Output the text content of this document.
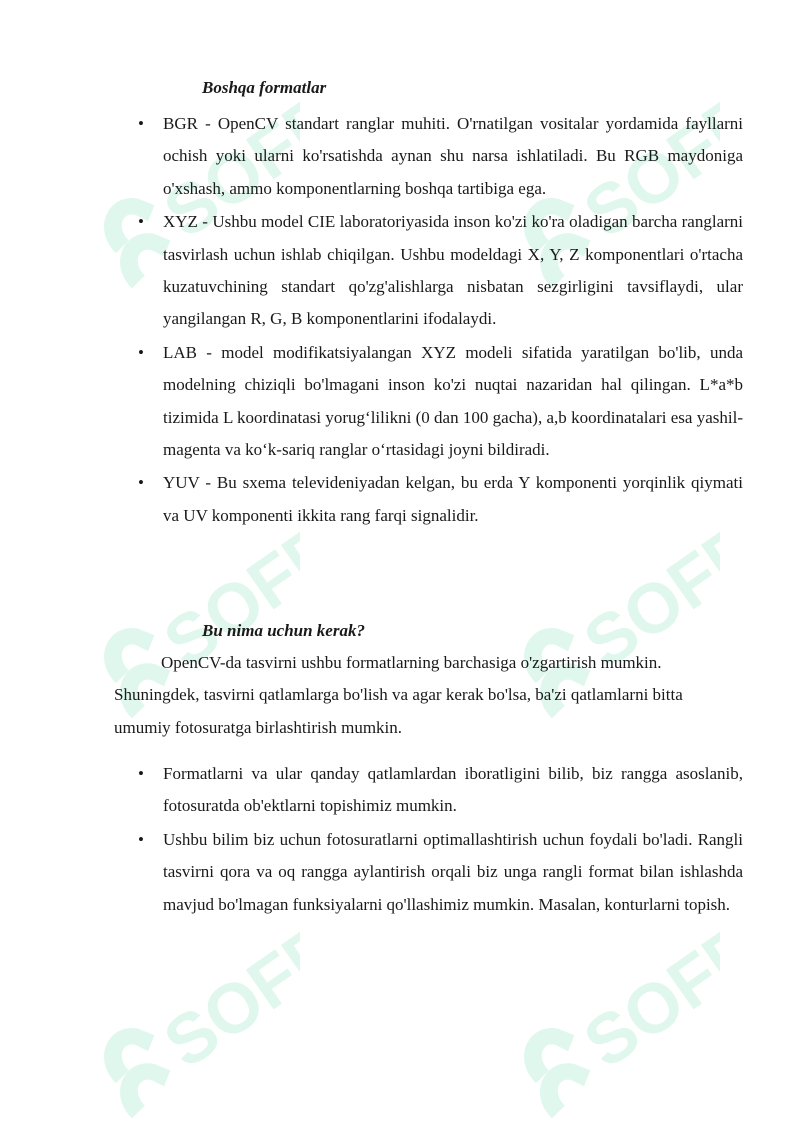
Boshqa formatlar
• BGR - OpenCV standart ranglar muhiti. O'rnatilgan vositalar yordamida fayllarni ochish yoki ularni ko'rsatishda aynan shu narsa ishlatiladi. Bu RGB maydoniga o'xshash, ammo komponentlarning boshqa tartibiga ega.
• XYZ - Ushbu model CIE laboratoriyasida inson ko'zi ko'ra oladigan barcha ranglarni tasvirlash uchun ishlab chiqilgan. Ushbu modeldagi X, Y, Z komponentlari o'rtacha kuzatuvchining standart qo'zg'alishlarga nisbatan sezgirligini tavsiflaydi, ular yangilangan R, G, B komponentlarini ifodalaydi.
• LAB - model modifikatsiyalangan XYZ modeli sifatida yaratilgan bo'lib, unda modelning chiziqli bo'lmagani inson ko'zi nuqtai nazaridan hal qilingan. L*a*b tizimida L koordinatasi yorug‘lilikni (0 dan 100 gacha), a,b koordinatalari esa yashil-magenta va ko‘k-sariq ranglar o‘rtasidagi joyni bildiradi.
• YUV - Bu sxema televideniyadan kelgan, bu erda Y komponenti yorqinlik qiymati va UV komponenti ikkita rang farqi signalidir.
Bu nima uchun kerak?
OpenCV-da tasvirni ushbu formatlarning barchasiga o'zgartirish mumkin. Shuningdek, tasvirni qatlamlarga bo'lish va agar kerak bo'lsa, ba'zi qatlamlarni bitta umumiy fotosuratga birlashtirish mumkin.
• Formatlarni va ular qanday qatlamlardan iboratligini bilib, biz rangga asoslanib, fotosuratda ob'ektlarni topishimiz mumkin.
• Ushbu bilim biz uchun fotosuratlarni optimallashtirish uchun foydali bo'ladi. Rangli tasvirni qora va oq rangga aylantirish orqali biz unga rangli format bilan ishlashda mavjud bo'lmagan funksiyalarni qo'llashimiz mumkin. Masalan, konturlarni topish.
